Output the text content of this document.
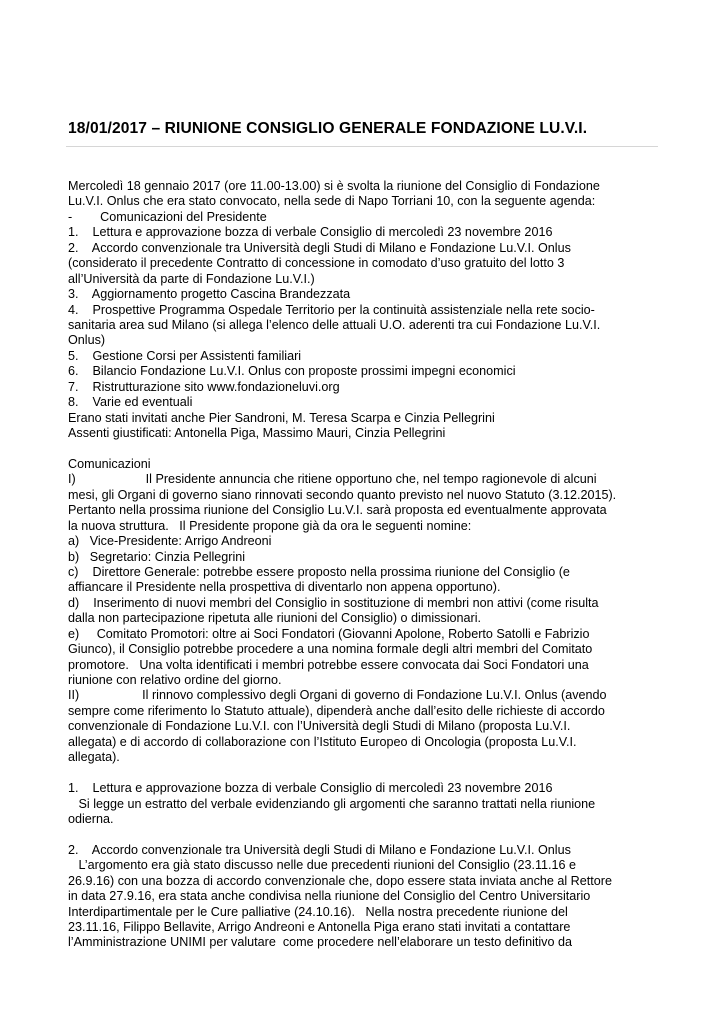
18/01/2017 – RIUNIONE CONSIGLIO GENERALE FONDAZIONE LU.V.I.
Mercoledì 18 gennaio 2017 (ore 11.00-13.00) si è svolta la riunione del Consiglio di Fondazione
Lu.V.I. Onlus che era stato convocato, nella sede di Napo Torriani 10, con la seguente agenda:
-        Comunicazioni del Presidente
1.    Lettura e approvazione bozza di verbale Consiglio di mercoledì 23 novembre 2016
2.    Accordo convenzionale tra Università degli Studi di Milano e Fondazione Lu.V.I. Onlus
(considerato il precedente Contratto di concessione in comodato d’uso gratuito del lotto 3
all’Università da parte di Fondazione Lu.V.I.)
3.    Aggiornamento progetto Cascina Brandezzata
4.    Prospettive Programma Ospedale Territorio per la continuità assistenziale nella rete socio-
sanitaria area sud Milano (si allega l’elenco delle attuali U.O. aderenti tra cui Fondazione Lu.V.I.
Onlus)
5.    Gestione Corsi per Assistenti familiari
6.    Bilancio Fondazione Lu.V.I. Onlus con proposte prossimi impegni economici
7.    Ristrutturazione sito www.fondazioneluvi.org
8.    Varie ed eventuali
Erano stati invitati anche Pier Sandroni, M. Teresa Scarpa e Cinzia Pellegrini
Assenti giustificati: Antonella Piga, Massimo Mauri, Cinzia Pellegrini
Comunicazioni
I)                    Il Presidente annuncia che ritiene opportuno che, nel tempo ragionevole di alcuni
mesi, gli Organi di governo siano rinnovati secondo quanto previsto nel nuovo Statuto (3.12.2015).
Pertanto nella prossima riunione del Consiglio Lu.V.I. sarà proposta ed eventualmente approvata
la nuova struttura.   Il Presidente propone già da ora le seguenti nomine:
a)   Vice-Presidente: Arrigo Andreoni
b)   Segretario: Cinzia Pellegrini
c)    Direttore Generale: potrebbe essere proposto nella prossima riunione del Consiglio (e
affiancare il Presidente nella prospettiva di diventarlo non appena opportuno).
d)    Inserimento di nuovi membri del Consiglio in sostituzione di membri non attivi (come risulta
dalla non partecipazione ripetuta alle riunioni del Consiglio) o dimissionari.
e)     Comitato Promotori: oltre ai Soci Fondatori (Giovanni Apolone, Roberto Satolli e Fabrizio
Giunco), il Consiglio potrebbe procedere a una nomina formale degli altri membri del Comitato
promotore.   Una volta identificati i membri potrebbe essere convocata dai Soci Fondatori una
riunione con relativo ordine del giorno.
II)                  Il rinnovo complessivo degli Organi di governo di Fondazione Lu.V.I. Onlus (avendo
sempre come riferimento lo Statuto attuale), dipenderà anche dall’esito delle richieste di accordo
convenzionale di Fondazione Lu.V.I. con l’Università degli Studi di Milano (proposta Lu.V.I.
allegata) e di accordo di collaborazione con l’Istituto Europeo di Oncologia (proposta Lu.V.I.
allegata).
1.    Lettura e approvazione bozza di verbale Consiglio di mercoledì 23 novembre 2016
Si legge un estratto del verbale evidenziando gli argomenti che saranno trattati nella riunione
odierna.
2.    Accordo convenzionale tra Università degli Studi di Milano e Fondazione Lu.V.I. Onlus
L’argomento era già stato discusso nelle due precedenti riunioni del Consiglio (23.11.16 e
26.9.16) con una bozza di accordo convenzionale che, dopo essere stata inviata anche al Rettore
in data 27.9.16, era stata anche condivisa nella riunione del Consiglio del Centro Universitario
Interdipartimentale per le Cure palliative (24.10.16).   Nella nostra precedente riunione del
23.11.16, Filippo Bellavite, Arrigo Andreoni e Antonella Piga erano stati invitati a contattare
l’Amministrazione UNIMI per valutare  come procedere nell’elaborare un testo definitivo da
